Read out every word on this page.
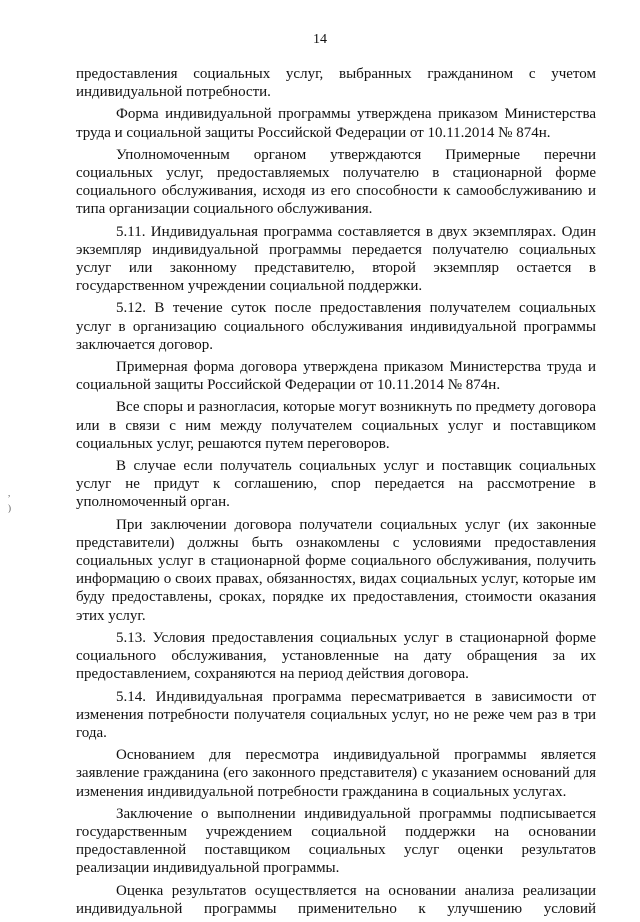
14
,
)

предоставления социальных услуг, выбранных гражданином с учетом индивидуальной потребности.

Форма индивидуальной программы утверждена приказом Министерства труда и социальной защиты Российской Федерации от 10.11.2014 № 874н.

Уполномоченным органом утверждаются Примерные перечни социальных услуг, предоставляемых получателю в стационарной форме социального обслуживания, исходя из его способности к самообслуживанию и типа организации социального обслуживания.

5.11. Индивидуальная программа составляется в двух экземплярах. Один экземпляр индивидуальной программы передается получателю социальных услуг или законному представителю, второй экземпляр остается в государственном учреждении социальной поддержки.

5.12. В течение суток после предоставления получателем социальных услуг в организацию социального обслуживания индивидуальной программы заключается договор.

Примерная форма договора утверждена приказом Министерства труда и социальной защиты Российской Федерации от 10.11.2014 № 874н.

Все споры и разногласия, которые могут возникнуть по предмету договора или в связи с ним между получателем социальных услуг и поставщиком социальных услуг, решаются путем переговоров.

В случае если получатель социальных услуг и поставщик социальных услуг не придут к соглашению, спор передается на рассмотрение в уполномоченный орган.

При заключении договора получатели социальных услуг (их законные представители) должны быть ознакомлены с условиями предоставления социальных услуг в стационарной форме социального обслуживания, получить информацию о своих правах, обязанностях, видах социальных услуг, которые им буду предоставлены, сроках, порядке их предоставления, стоимости оказания этих услуг.

5.13. Условия предоставления социальных услуг в стационарной форме социального обслуживания, установленные на дату обращения за их предоставлением, сохраняются на период действия договора.

5.14. Индивидуальная программа пересматривается в зависимости от изменения потребности получателя социальных услуг, но не реже чем раз в три года.

Основанием для пересмотра индивидуальной программы является заявление гражданина (его законного представителя) с указанием оснований для изменения индивидуальной потребности гражданина в социальных услугах.

Заключение о выполнении индивидуальной программы подписывается государственным учреждением социальной поддержки на основании предоставленной поставщиком социальных услуг оценки результатов реализации индивидуальной программы.

Оценка результатов осуществляется на основании анализа реализации индивидуальной программы применительно к улучшению условий
